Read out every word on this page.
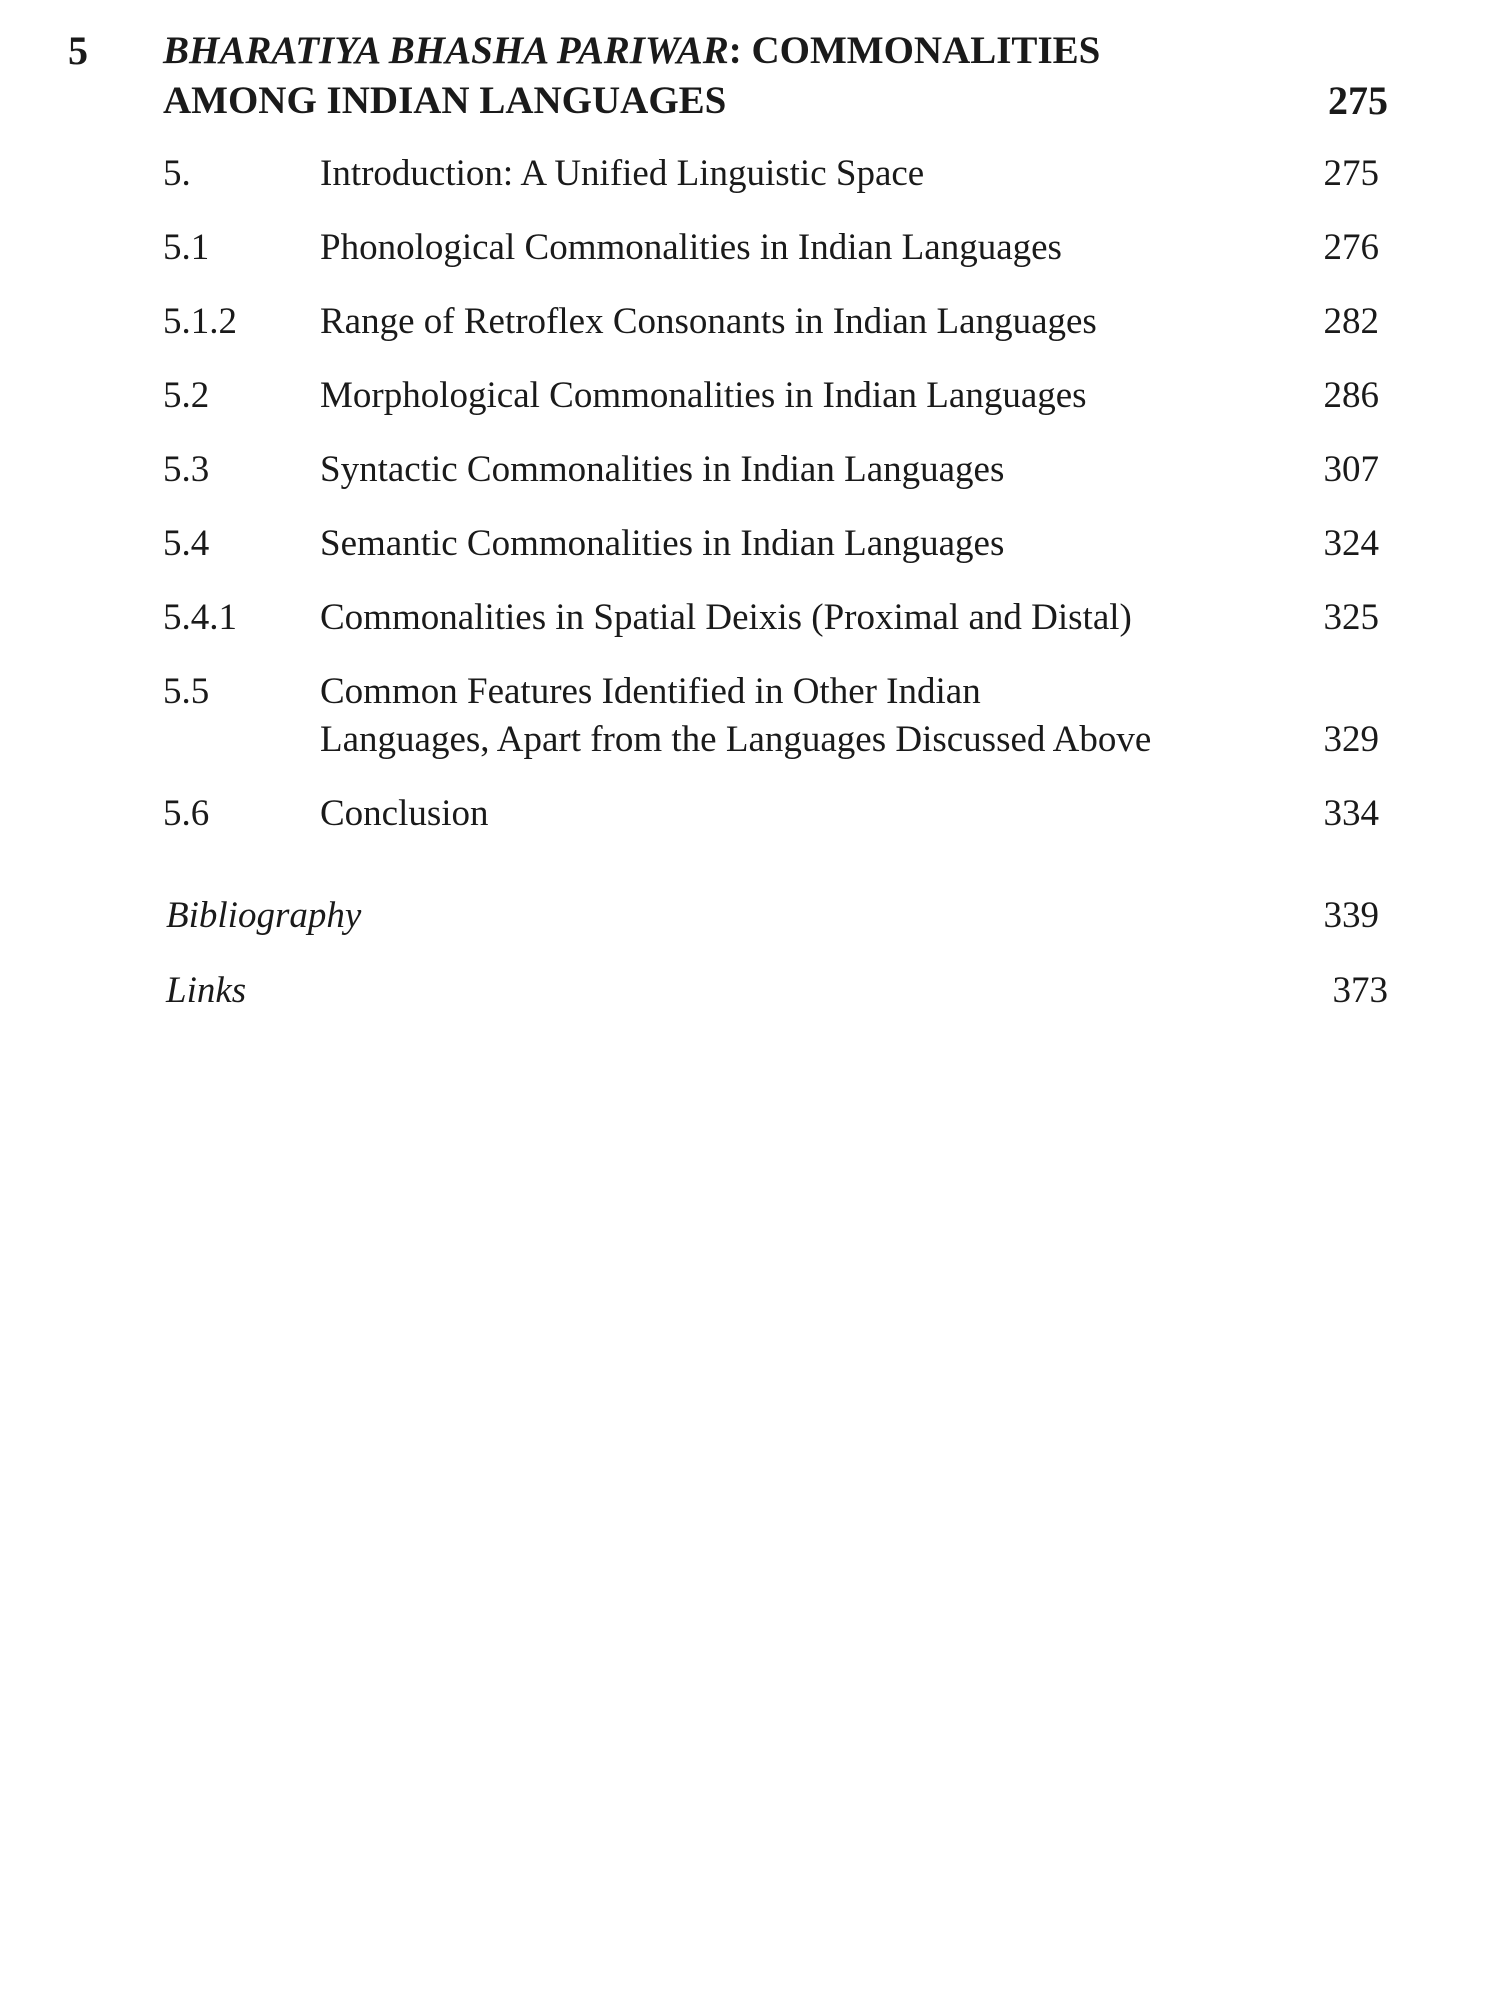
5 BHARATIYA BHASHA PARIWAR: COMMONALITIES
AMONG INDIAN LANGUAGES	275
5.	Introduction: A Unified Linguistic Space	275
5.1	Phonological Commonalities in Indian Languages	276
5.1.2 Range of Retroflex Consonants in Indian Languages	282
5.2	Morphological Commonalities in Indian Languages	286
5.3	Syntactic Commonalities in Indian Languages	307
5.4	Semantic Commonalities in Indian Languages	324
5.4.1 Commonalities in Spatial Deixis (Proximal and Distal)	325
5.5	Common Features Identified in Other Indian
Languages, Apart from the Languages Discussed Above	329
5.6	Conclusion	334
Bibliography	339
Links	373
